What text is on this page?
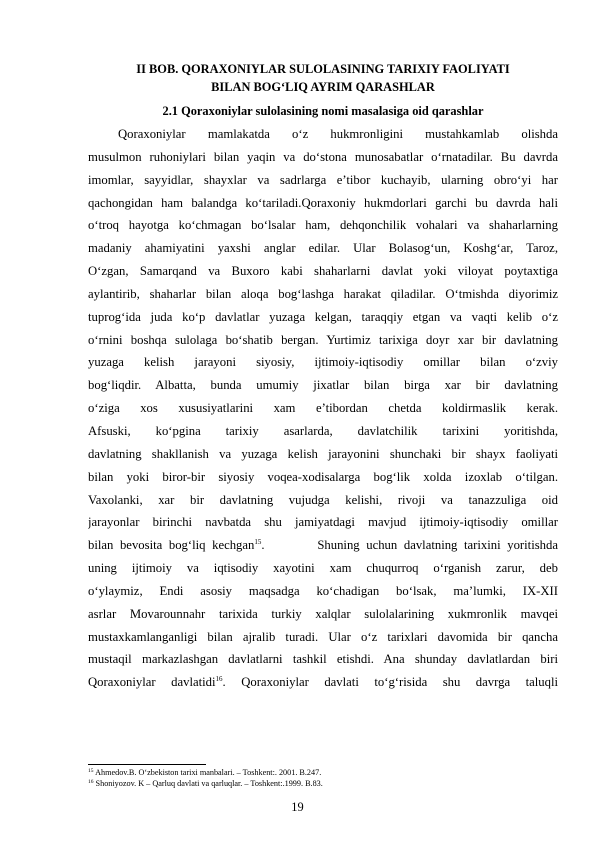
II BOB. QORAXONIYLAR SULOLASINING TARIXIY FAOLIYATI
BILAN BOG‘LIQ AYRIM QARASHLAR
2.1 Qoraxoniylar sulolasining nomi masalasiga oid qarashlar
Qoraxoniylar mamlakatda o‘z hukmronligini mustahkamlab olishda
musulmon ruhoniylari bilan yaqin va do‘stona munosabatlar o‘rnatadilar. Bu davrda
imomlar, sayyidlar, shayxlar va sadrlarga e’tibor kuchayib, ularning obro‘yi har
qachongidan ham balandga ko‘tariladi.Qoraxoniy hukmdorlari garchi bu davrda hali
o‘troq hayotga ko‘chmagan bo‘lsalar ham, dehqonchilik vohalari va shaharlarning
madaniy ahamiyatini yaxshi anglar edilar. Ular Bolasog‘un, Koshg‘ar, Taroz,
O‘zgan, Samarqand va Buxoro kabi shaharlarni davlat yoki viloyat poytaxtiga
aylantirib, shaharlar bilan aloqa bog‘lashga harakat qiladilar. O‘tmishda diyorimiz
tuprog‘ida juda ko‘p davlatlar yuzaga kelgan, taraqqiy etgan va vaqti kelib o‘z
o‘rnini boshqa sulolaga bo‘shatib bergan. Yurtimiz tarixiga doyr xar bir davlatning
yuzaga kelish jarayoni siyosiy, ijtimoiy-iqtisodiy omillar bilan o‘zviy
bog‘liqdir. Albatta, bunda umumiy jixatlar bilan birga xar bir davlatning
o‘ziga xos xususiyatlarini xam e’tibordan chetda koldirmaslik kerak.
Afsuski, ko‘pgina tarixiy asarlarda, davlatchilik tarixini yoritishda,
davlatning shakllanish va yuzaga kelish jarayonini shunchaki bir shayx faoliyati
bilan yoki biror-bir siyosiy voqea-xodisalarga bog‘lik xolda izoxlab o‘tilgan.
Vaxolanki, xar bir davlatning vujudga kelishi, rivoji va tanazzuliga oid
jarayonlar birinchi navbatda shu jamiyatdagi mavjud ijtimoiy-iqtisodiy omillar
bilan bevosita bog‘liq kechgan$^{15}$.        Shuning uchun davlatning tarixini yoritishda
uning ijtimoiy va iqtisodiy xayotini xam chuqurroq o‘rganish zarur, deb
o‘ylaymiz, Endi asosiy maqsadga ko‘chadigan bo‘lsak, ma’lumki, IX-XII
asrlar Movarounnahr tarixida turkiy xalqlar sulolalarining xukmronlik mavqei
mustaxkamlanganligi bilan ajralib turadi. Ular o‘z tarixlari davomida bir qancha
mustaqil markazlashgan davlatlarni tashkil etishdi. Ana shunday davlatlardan biri
Qoraxoniylar davlatidi$^{16}$. Qoraxoniylar davlati to‘g‘risida shu davrga taluqli
$^{15}$ Ahmedov.B. O‘zbekiston tarixi manbalari. – Toshkent:. 2001. B.247.
$^{16}$ Shoniyozov. K – Qarluq davlati va qarluqlar. – Toshkent:.1999. B.83.
19
